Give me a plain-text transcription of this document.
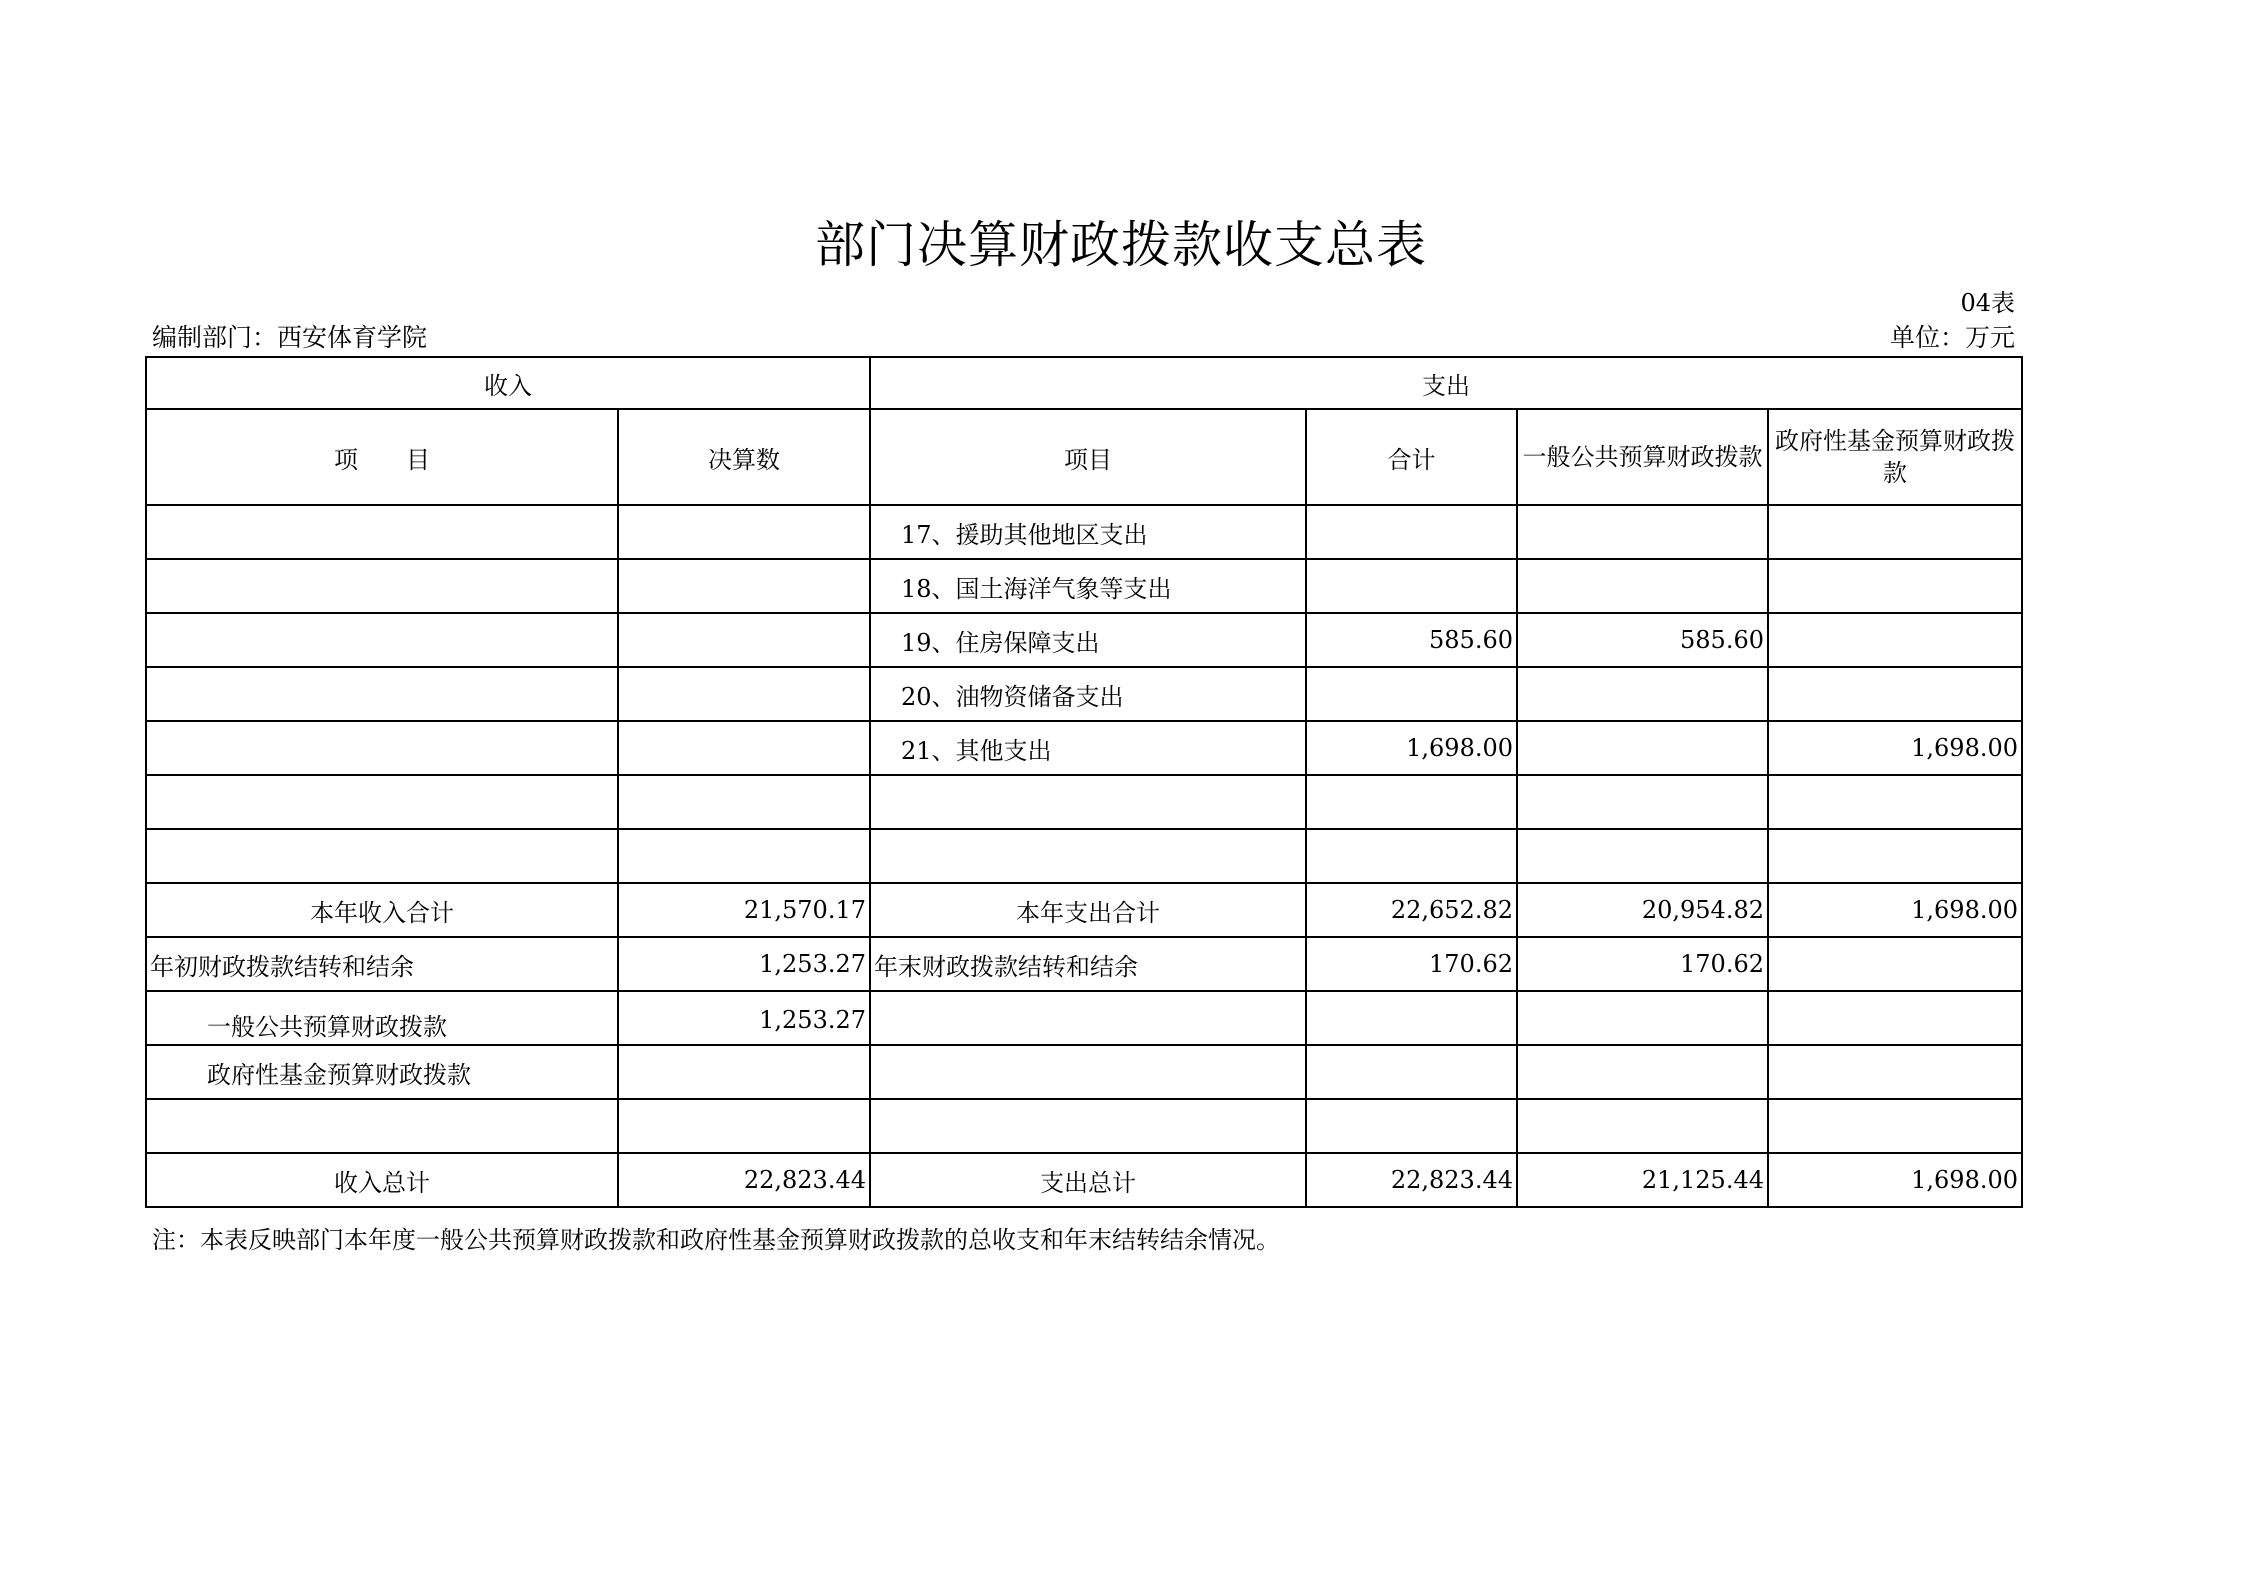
部门决算财政拨款收支总表
04表
编制部门：西安体育学院	单位：万元
收入		支出			
项　　目	决算数	项目	合计	一般公共预算财政拨款	政府性基金预算财政拨款
		17、援助其他地区支出			
		18、国土海洋气象等支出			
		19、住房保障支出	585.60	585.60	
		20、油物资储备支出			
		21、其他支出	1,698.00		1,698.00

本年收入合计	21,570.17	本年支出合计	22,652.82	20,954.82	1,698.00
年初财政拨款结转和结余	1,253.27	年末财政拨款结转和结余	170.62	170.62	
一般公共预算财政拨款	1,253.27				
政府性基金预算财政拨款					

收入总计	22,823.44	支出总计	22,823.44	21,125.44	1,698.00
注：本表反映部门本年度一般公共预算财政拨款和政府性基金预算财政拨款的总收支和年末结转结余情况。
